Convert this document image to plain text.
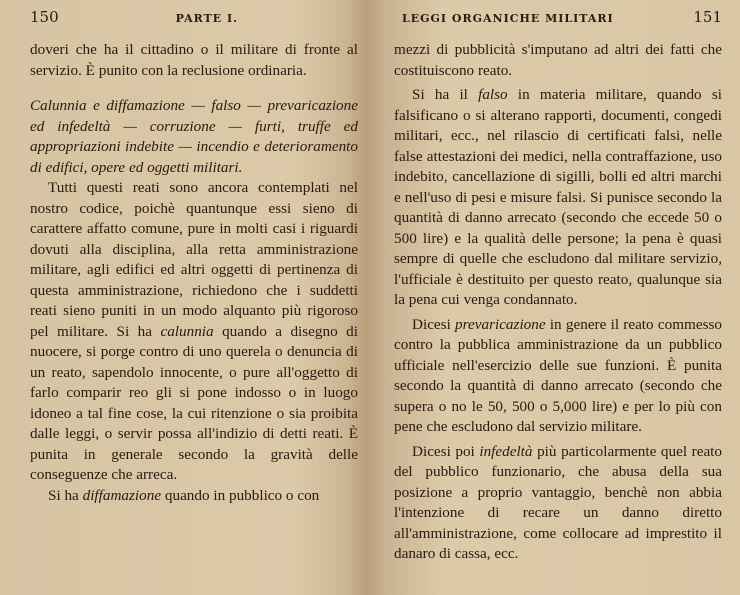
150	PARTE I.

doveri che ha il cittadino o il militare di fronte al servizio. È punito con la reclusione ordinaria.

Calunnia e diffamazione — falso — prevaricazione ed infedeltà — corruzione — furti, truffe ed appropriazioni indebite — incendio e deterioramento di edifici, opere ed oggetti militari.

Tutti questi reati sono ancora contemplati nel nostro codice, poichè quantunque essi sieno di carattere affatto comune, pure in molti casi i riguardi dovuti alla disciplina, alla retta amministrazione militare, agli edifici ed altri oggetti di pertinenza di questa amministrazione, richiedono che i suddetti reati sieno puniti in un modo alquanto più rigoroso pel militare. Si ha calunnia quando a disegno di nuocere, si porge contro di uno querela o denuncia di un reato, sapendolo innocente, o pure all'oggetto di farlo comparir reo gli si pone indosso o in luogo idoneo a tal fine cose, la cui ritenzione o sia proibita dalle leggi, o servir possa all'indizio di detti reati. È punita in generale secondo la gravità delle conseguenze che arreca.

Si ha diffamazione quando in pubblico o con

LEGGI ORGANICHE MILITARI	151

mezzi di pubblicità s'imputano ad altri dei fatti che costituiscono reato.

Si ha il falso in materia militare, quando si falsificano o si alterano rapporti, documenti, congedi militari, ecc., nel rilascio di certificati falsi, nelle false attestazioni dei medici, nella contraffazione, uso indebito, cancellazione di sigilli, bolli ed altri marchi e nell'uso di pesi e misure falsi. Si punisce secondo la quantità di danno arrecato (secondo che eccede 50 o 500 lire) e la qualità delle persone; la pena è quasi sempre di quelle che escludono dal militare servizio, l'ufficiale è destituito per questo reato, qualunque sia la pena cui venga condannato.

Dicesi prevaricazione in genere il reato commesso contro la pubblica amministrazione da un pubblico ufficiale nell'esercizio delle sue funzioni. È punita secondo la quantità di danno arrecato (secondo che supera o no le 50, 500 o 5,000 lire) e per lo più con pene che escludono dal servizio militare.

Dicesi poi infedeltà più particolarmente quel reato del pubblico funzionario, che abusa della sua posizione a proprio vantaggio, benchè non abbia l'intenzione di recare un danno diretto all'amministrazione, come collocare ad imprestito il danaro di cassa, ecc.
